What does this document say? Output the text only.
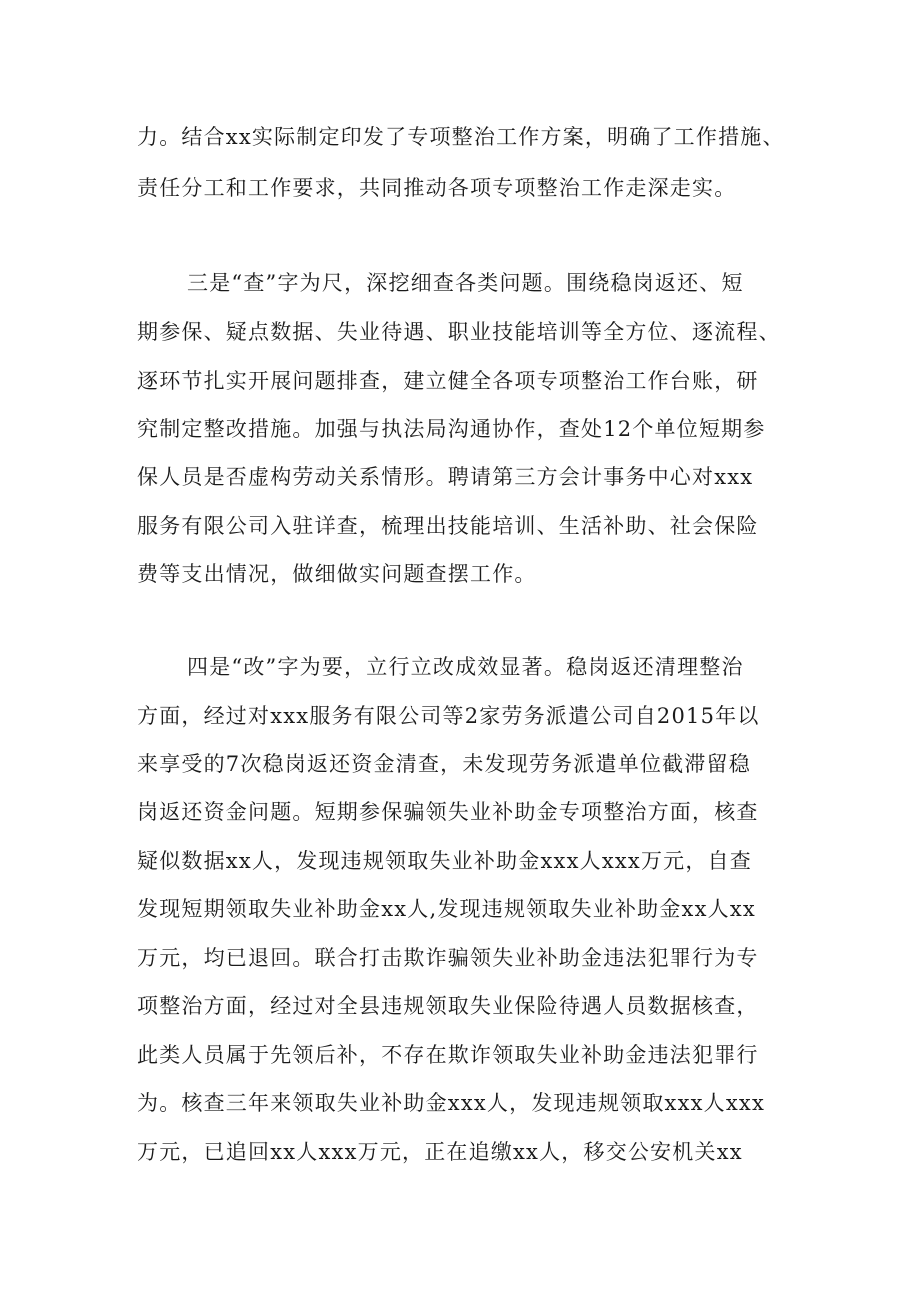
力。结合xx实际制定印发了专项整治工作方案，明确了工作措施、
责任分工和工作要求，共同推动各项专项整治工作走深走实。
三是“查”字为尺，深挖细查各类问题。围绕稳岗返还、短
期参保、疑点数据、失业待遇、职业技能培训等全方位、逐流程、
逐环节扎实开展问题排查，建立健全各项专项整治工作台账，研
究制定整改措施。加强与执法局沟通协作，查处12个单位短期参
保人员是否虚构劳动关系情形。聘请第三方会计事务中心对xxx
服务有限公司入驻详查，梳理出技能培训、生活补助、社会保险
费等支出情况，做细做实问题查摆工作。
四是“改”字为要，立行立改成效显著。稳岗返还清理整治
方面，经过对xxx服务有限公司等2家劳务派遣公司自2015年以
来享受的7次稳岗返还资金清查，未发现劳务派遣单位截滞留稳
岗返还资金问题。短期参保骗领失业补助金专项整治方面，核查
疑似数据xx人，发现违规领取失业补助金xxx人xxx万元，自查
发现短期领取失业补助金xx人,发现违规领取失业补助金xx人xx
万元，均已退回。联合打击欺诈骗领失业补助金违法犯罪行为专
项整治方面，经过对全县违规领取失业保险待遇人员数据核查，
此类人员属于先领后补，不存在欺诈领取失业补助金违法犯罪行
为。核查三年来领取失业补助金xxx人，发现违规领取xxx人xxx
万元，已追回xx人xxx万元，正在追缴xx人，移交公安机关xx
